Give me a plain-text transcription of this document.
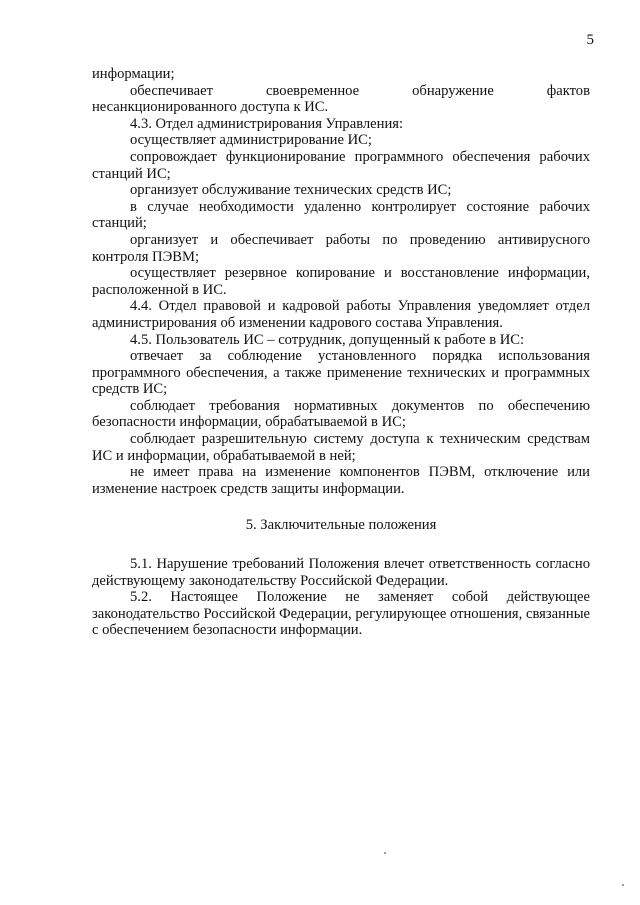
5

информации;

обеспечивает своевременное обнаружение фактов несанкционированного доступа к ИС.

4.3. Отдел администрирования Управления:

осуществляет администрирование ИС;

сопровождает функционирование программного обеспечения рабочих станций ИС;

организует обслуживание технических средств ИС;

в случае необходимости удаленно контролирует состояние рабочих станций;

организует и обеспечивает работы по проведению антивирусного контроля ПЭВМ;

осуществляет резервное копирование и восстановление информации, расположенной в ИС.

4.4. Отдел правовой и кадровой работы Управления уведомляет отдел администрирования об изменении кадрового состава Управления.

4.5. Пользователь ИС – сотрудник, допущенный к работе в ИС:

отвечает за соблюдение установленного порядка использования программного обеспечения, а также применение технических и программных средств ИС;

соблюдает требования нормативных документов по обеспечению безопасности информации, обрабатываемой в ИС;

соблюдает разрешительную систему доступа к техническим средствам ИС и информации, обрабатываемой в ней;

не имеет права на изменение компонентов ПЭВМ, отключение или изменение настроек средств защиты информации.

5. Заключительные положения

5.1. Нарушение требований Положения влечет ответственность согласно действующему законодательству Российской Федерации.

5.2. Настоящее Положение не заменяет собой действующее законодательство Российской Федерации, регулирующее отношения, связанные с обеспечением безопасности информации.
